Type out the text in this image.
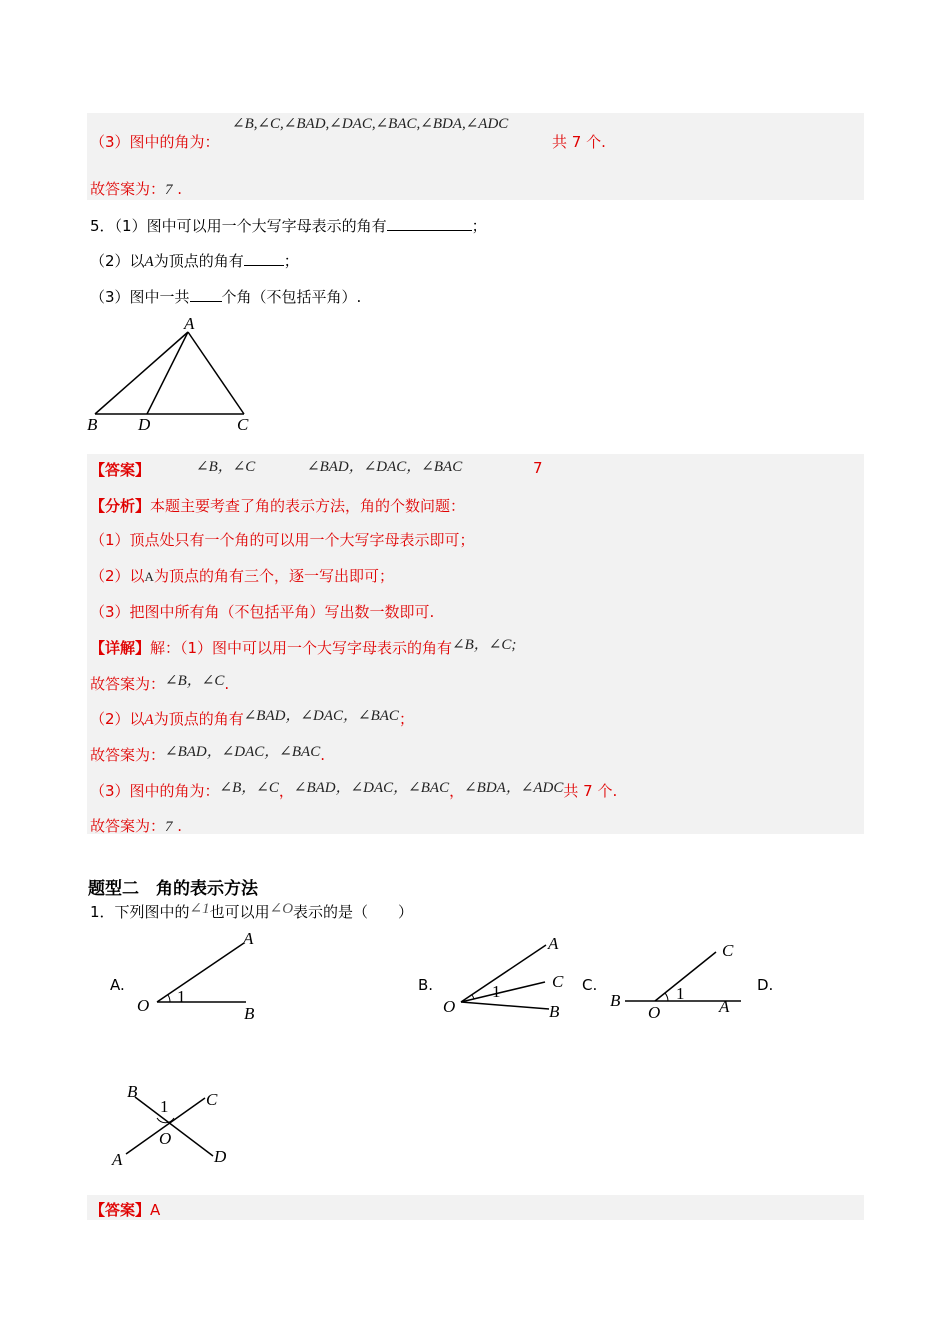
（3）图中的角为：
∠B,∠C,∠BAD,∠DAC,∠BAC,∠BDA,∠ADC
共 7 个.
故答案为：7 .
5．（1）图中可以用一个大写字母表示的角有	；
（2）以A为顶点的角有	；
（3）图中一共 个角（不包括平角）.
A
B D	C
【答案】	∠B，∠C	∠BAD，∠DAC，∠BAC	7
【分析】本题主要考查了角的表示方法，角的个数问题：
（1）顶点处只有一个角的可以用一个大写字母表示即可；
（2）以A为顶点的角有三个，逐一写出即可；
（3）把图中所有角（不包括平角）写出数一数即可.
【详解】解：（1）图中可以用一个大写字母表示的角有∠B，∠C;
故答案为：∠B，∠C.
（2）以A为顶点的角有∠BAD，∠DAC，∠BAC；
故答案为：∠BAD，∠DAC，∠BAC.
（3）图中的角为：∠B，∠C，∠BAD，∠DAC，∠BAC，∠BDA，∠ADC共 7 个.
故答案为：7 .
题型二　角的表示方法
1．下列图中的∠1也可以用∠O表示的是（　　）
A.	B.	C.	D.
A
O	B
1
A
C
O	B
1
C
B
O	A
1
B	C
1
O
A	D
【答案】A
